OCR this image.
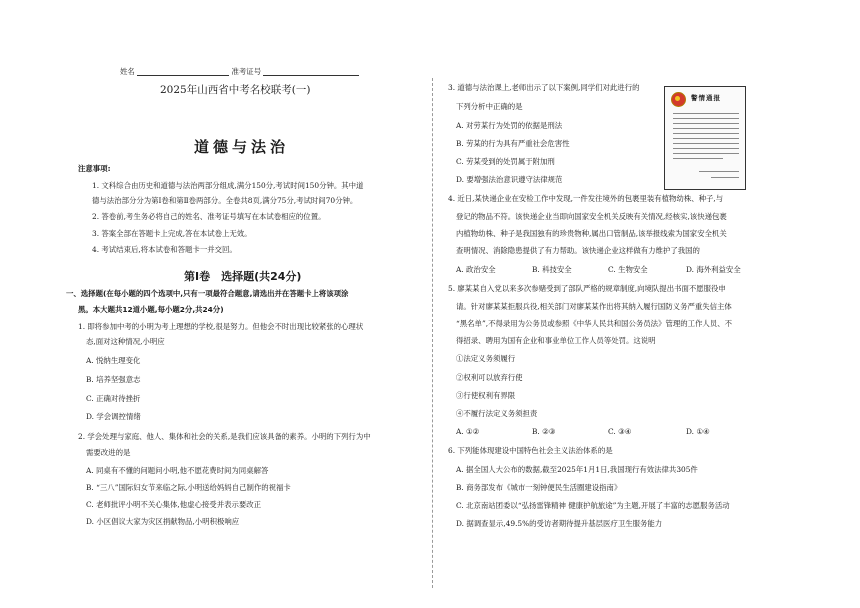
姓名	准考证号
2025年山西省中考名校联考(一)
道德与法治
注意事项:
1. 文科综合由历史和道德与法治两部分组成,满分150分,考试时间150分钟。其中道
德与法治部分分为第Ⅰ卷和第Ⅱ卷两部分。全卷共8页,满分75分,考试时间70分钟。
2. 答卷前,考生务必将自己的姓名、准考证号填写在本试卷相应的位置。
3. 答案全部在答题卡上完成,答在本试卷上无效。
4. 考试结束后,将本试卷和答题卡一并交回。
第Ⅰ卷　选择题(共24分)
一、选择题(在每小题的四个选项中,只有一项最符合题意,请选出并在答题卡上将该项涂
黑。本大题共12道小题,每小题2分,共24分)
1. 即将参加中考的小明为考上理想的学校,很是努力。但他会不时出现比较紧张的心理状
态,面对这种情况,小明应
A. 悦纳生理变化
B. 培养坚强意志
C. 正确对待挫折
D. 学会调控情绪
2. 学会处理与家庭、他人、集体和社会的关系,是我们应该具备的素养。小明的下列行为中
需要改进的是
A. 同桌有不懂的问题问小明,他不愿花费时间为同桌解答
B. “三八”国际妇女节来临之际,小明送给妈妈自己制作的祝福卡
C. 老师批评小明不关心集体,他虚心接受并表示要改正
D. 小区倡议大家为灾区捐献物品,小明积极响应
3. 道德与法治课上,老师出示了以下案例,同学们对此进行的
下列分析中正确的是
A. 对劳某行为处罚的依据是刑法
B. 劳某的行为具有严重社会危害性
C. 劳某受到的处罚属于附加刑
D. 要增强法治意识遵守法律规范
4. 近日,某快递企业在安检工作中发现,一件发往境外的包裹里装有植物幼株、种子,与
登记的物品不符。该快递企业当即向国家安全机关反映有关情况,经核实,该快递包裹
内植物幼株、种子是我国独有的珍贵物种,属出口管制品,该举报线索为国家安全机关
查明情况、消除隐患提供了有力帮助。该快递企业这样做有力维护了我国的
A. 政治安全	B. 科技安全	C. 生物安全	D. 海外利益安全
5. 廖某某自入党以来多次参赌受到了部队严格的规章制度,向境队提出书面不愿服役申
请。针对廖某某拒服兵役,相关部门对廖某某作出将其纳入履行国防义务严重失信主体
“黑名单”,不得录用为公务员或参照《中华人民共和国公务员法》管理的工作人员、不
得招录、聘用为国有企业和事业单位工作人员等处罚。这说明
①法定义务须履行
②权利可以放弃行使
③行使权利有界限
④不履行法定义务须担责
A. ①②	B. ②③	C. ③④	D. ①④
6. 下列能体现建设中国特色社会主义法治体系的是
A. 据全国人大公布的数据,截至2025年1月1日,我国现行有效法律共305件
B. 商务部发布《城市一刻钟便民生活圈建设指南》
C. 北京南站团委以“弘扬雷锋精神 健康护航旅途”为主题,开展了丰富的志愿服务活动
D. 据调查显示,49.5%的受访者期待提升基层医疗卫生服务能力
警情通报
